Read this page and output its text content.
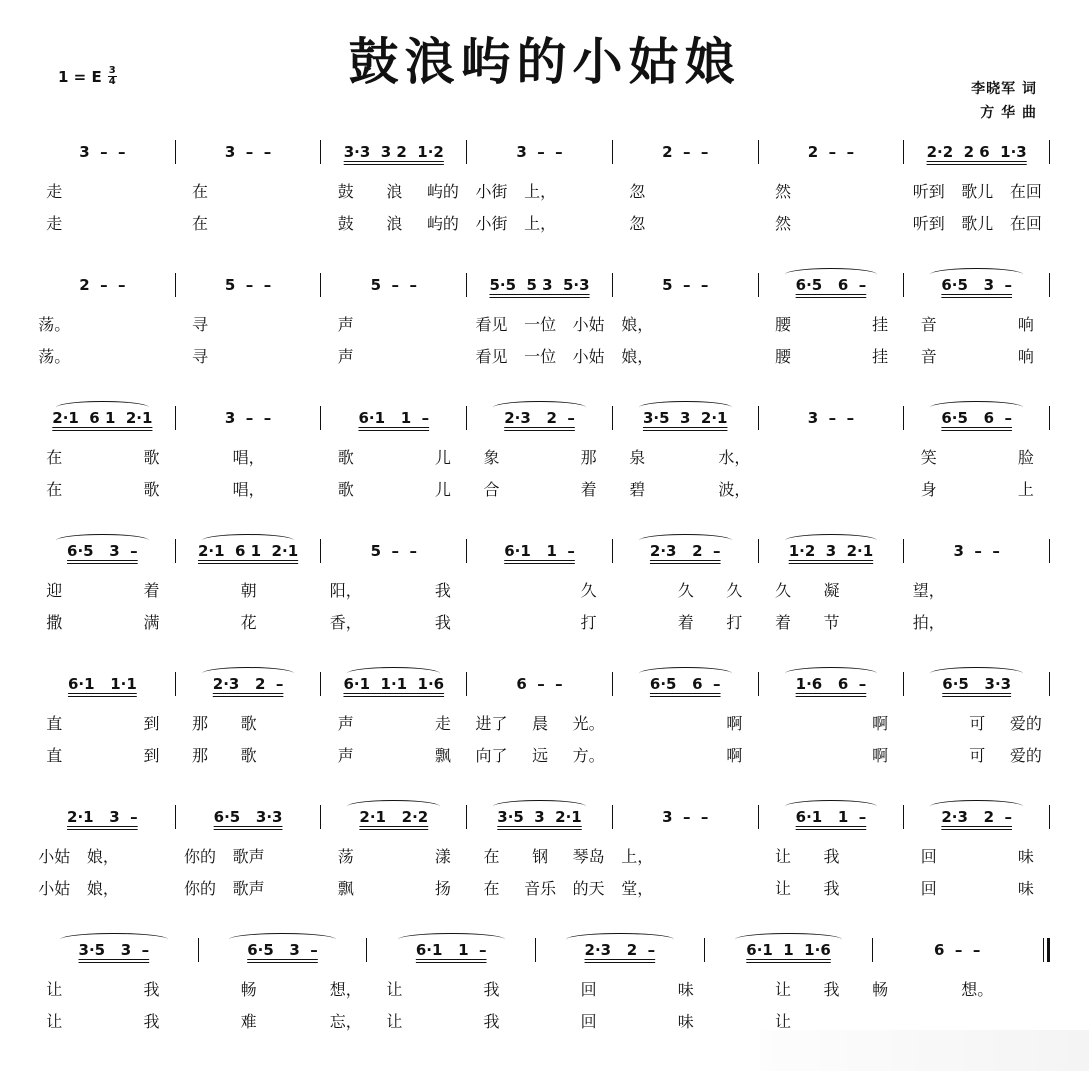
鼓浪屿的小姑娘
1 = E 3
4	李晓军 词
方 华 曲
3  –  –	3  –  –	3·3  3 2  1·2	3  –  –	2  –  –	2  –  –	2·2  2 6  1·3
走	在	鼓	浪	屿的	小街	上，	忽	然	听到	歌儿	在回
走	在	鼓	浪	屿的	小街	上，	忽	然	听到	歌儿	在回
2  –  –	5  –  –	5  –  –	5·5  5 3  5·3	5  –  –	6·5   6  –	6·5   3  –
荡。	寻	声	看见	一位	小姑	娘，	腰	挂	音	响
荡。	寻	声	看见	一位	小姑	娘，	腰	挂	音	响
2·1  6 1  2·1	3  –  –	6·1   1  –	2·3   2  –	3·5  3  2·1	3  –  –	6·5   6  –
在	歌	唱，	歌	儿	象	那	泉	水，	笑	脸
在	歌	唱，	歌	儿	合	着	碧	波，	身	上
6·5   3  –	2·1  6 1  2·1	5  –  –	6·1   1  –	2·3   2  –	1·2  3  2·1	3  –  –
迎	着	朝	阳，	我	久	久	久	久	凝	望，
撒	满	花	香，	我	打	着	打	着	节	拍，
6·1   1·1	2·3   2  –	6·1  1·1  1·6	6  –  –	6·5   6  –	1·6   6  –	6·5   3·3
直	到	那	歌	声	走	进了	晨	光。	啊	啊	可	爱的
直	到	那	歌	声	飘	向了	远	方。	啊	啊	可	爱的
2·1   3  –	6·5   3·3	2·1   2·2	3·5  3  2·1	3  –  –	6·1   1  –	2·3   2  –
小姑	娘，	你的	歌声	荡	漾	在	钢	琴岛	上，	让	我	回	味
小姑	娘，	你的	歌声	飘	扬	在	音乐	的天	堂，	让	我	回	味
3·5   3  –	6·5   3  –	6·1   1  –	2·3   2  –	6·1  1  1·6	6  –  –
让	我	畅	想，	让	我	回	味	让	我	畅	想。
让	我	难	忘，	让	我	回	味	让
